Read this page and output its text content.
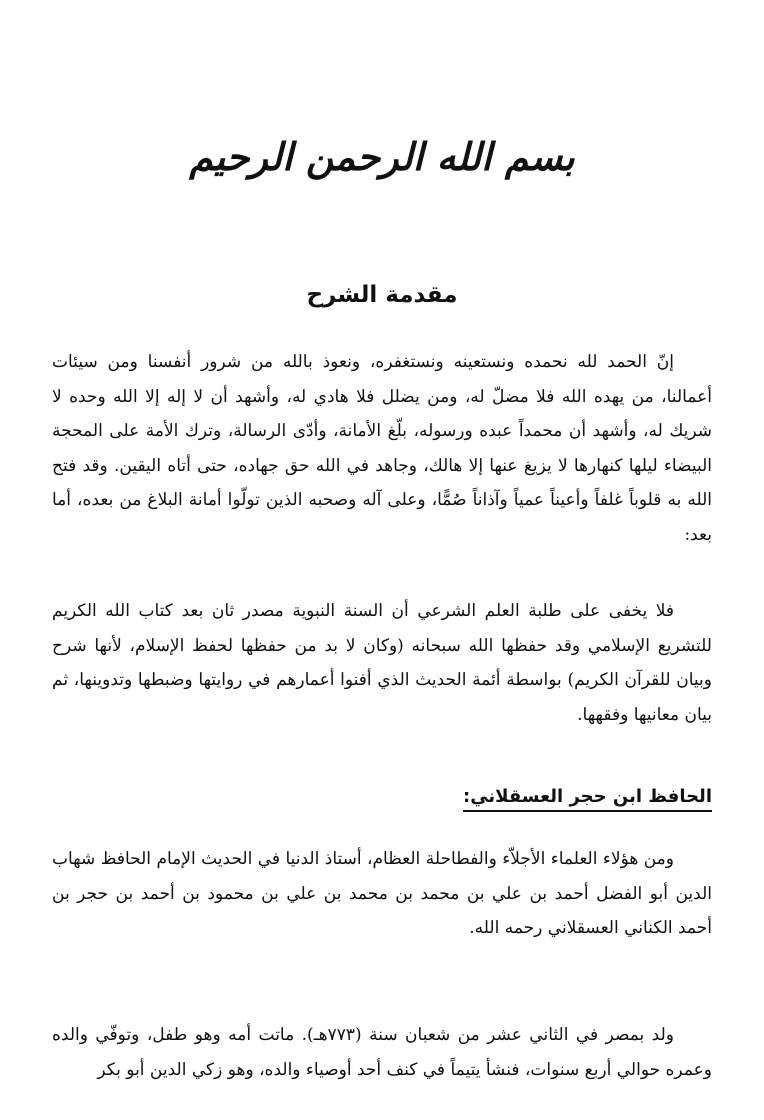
بسم الله الرحمن الرحيم
مقدمة الشرح

إنّ الحمد لله نحمده ونستعينه ونستغفره، ونعوذ بالله من شرور أنفسنا ومن سيئات أعمالنا، من يهده الله فلا مضلّ له، ومن يضلل فلا هادي له، وأشهد أن لا إله إلا الله وحده لا شريك له، وأشهد أن محمداً عبده ورسوله، بلّغ الأمانة، وأدّى الرسالة، وترك الأمة على المحجة البيضاء ليلها كنهارها لا يزيغ عنها إلا هالك، وجاهد في الله حق جهاده، حتى أتاه اليقين. وقد فتح الله به قلوباً غلفاً وأعيناً عمياً وآذاناً صُمًّا، وعلى آله وصحبه الذين تولّوا أمانة البلاغ من بعده، أما بعد:

فلا يخفى على طلبة العلم الشرعي أن السنة النبوية مصدر ثان بعد كتاب الله الكريم للتشريع الإسلامي وقد حفظها الله سبحانه (وكان لا بد من حفظها لحفظ الإسلام، لأنها شرح وبيان للقرآن الكريم) بواسطة أئمة الحديث الذي أفنوا أعمارهم في روايتها وضبطها وتدوينها، ثم بيان معانيها وفقهها.

الحافظ ابن حجر العسقلاني:

ومن هؤلاء العلماء الأجلاّء والفطاحلة العظام، أستاذ الدنيا في الحديث الإمام الحافظ شهاب الدين أبو الفضل أحمد بن علي بن محمد بن محمد بن علي بن محمود بن أحمد بن حجر بن أحمد الكناني العسقلاني رحمه الله.

ولد بمصر في الثاني عشر من شعبان سنة (٧٧٣هـ). ماتت أمه وهو طفل، وتوفّي والده وعمره حوالي أربع سنوات، فنشأ يتيماً في كنف أحد أوصياء والده، وهو زكي الدين أبو بكر
